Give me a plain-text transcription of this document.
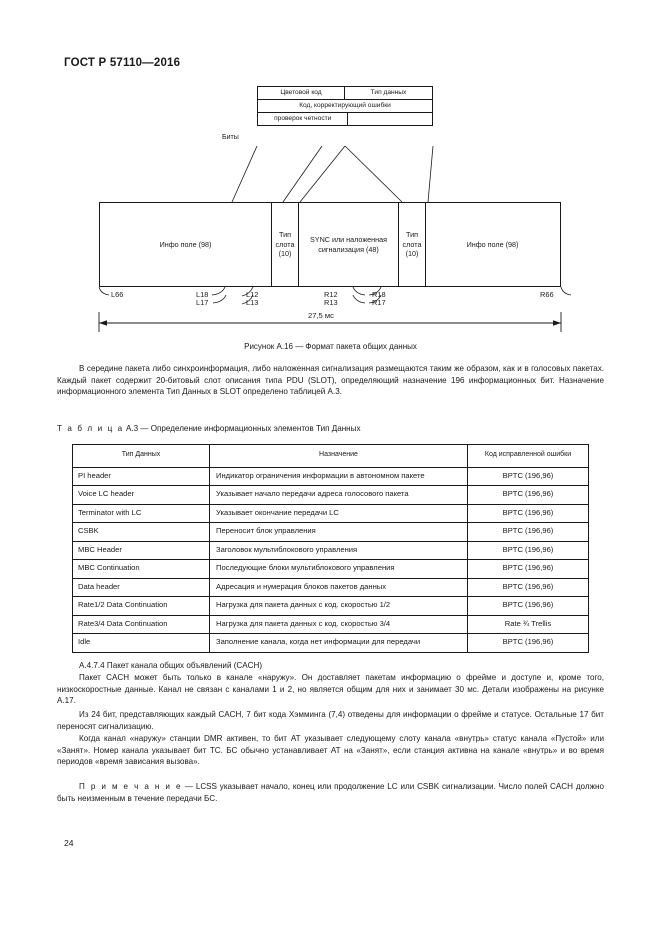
ГОСТ Р 57110—2016
Цветовой код	Тип данных
Код, корректирующий ошибки
проверок четности
Биты
Инфо поле (98)
Тип слота (10)
SYNC или наложенная сигнализация (48)
Тип слота (10)
Инфо поле (98)
L66	L18
L17
L12
L13
R12
R13
R18
R17
R66
27,5 мс
Рисунок А.16 — Формат пакета общих данных
В середине пакета либо синхроинформация, либо наложенная сигнализация размещаются таким же образом, как и в голосовых пакетах. Каждый пакет содержит 20-битовый слот описания типа PDU (SLOT), определяющий назначение 196 информационных бит. Назначение информационного элемента Тип Данных в SLOT определено таблицей А.3.
Т а б л и ц а А.3 — Определение информационных элементов Тип Данных
Тип Данных	Назначение	Код исправленной ошибки
PI header	Индикатор ограничения информации в автономном пакете	BPTC (196,96)
Voice LC header	Указывает начало передачи адреса голосового пакета	BPTC (196,96)
Terminator with LC	Указывает окончание передачи LC	BPTC (196,96)
CSBK	Переносит блок управления	BPTC (196,96)
MBC Header	Заголовок мультиблокового управления	BPTC (196,96)
MBC Continuation	Последующие блоки мультиблокового управления	BPTC (196,96)
Data header	Адресация и нумерация блоков пакетов данных	BPTC (196,96)
Rate1/2 Data Continuation	Нагрузка для пакета данных с код. скоростью 1/2	BPTC (196,96)
Rate3/4 Data Continuation	Нагрузка для пакета данных с код. скоростью 3/4	Rate ¾ Trellis
Idle	Заполнение канала, когда нет информации для передачи	BPTC (196,96)
А.4.7.4 Пакет канала общих объявлений (CACH)
Пакет CACH может быть только в канале «наружу». Он доставляет пакетам информацию о фрейме и доступе и, кроме того, низкоскоростные данные. Канал не связан с каналами 1 и 2, но является общим для них и занимает 30 мс. Детали изображены на рисунке А.17.
Из 24 бит, представляющих каждый CACH, 7 бит кода Хэмминга (7,4) отведены для информации о фрейме и статусе. Остальные 17 бит переносят сигнализацию.
Когда канал «наружу» станции DMR активен, то бит АТ указывает следующему слоту канала «внутрь» статус канала «Пустой» или «Занят». Номер канала указывает бит ТС. БС обычно устанавливает АТ на «Занят», если станция активна на канале «внутрь» и во время периодов «время зависания вызова».
П р и м е ч а н и е — LCSS указывает начало, конец или продолжение LC или CSBK сигнализации. Число полей CACH должно быть неизменным в течение передачи БС.
24
